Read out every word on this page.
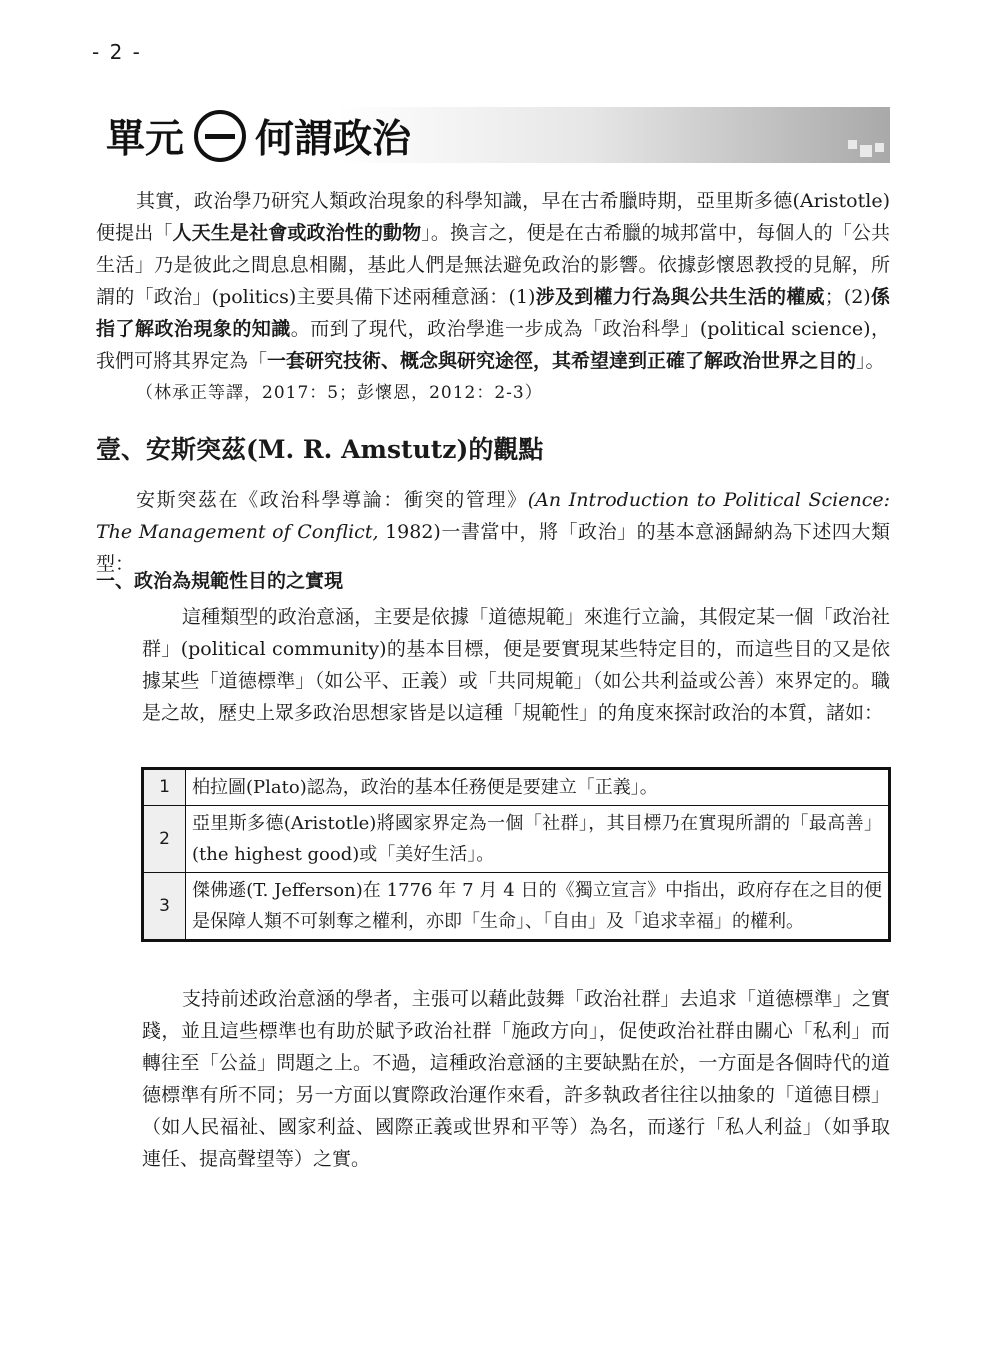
- 2 -
單元 何謂政治

其實，政治學乃研究人類政治現象的科學知識，早在古希臘時期，亞里斯多德(Aristotle)便提出「人天生是社會或政治性的動物」。換言之，便是在古希臘的城邦當中，每個人的「公共生活」乃是彼此之間息息相關，基此人們是無法避免政治的影響。依據彭懷恩教授的見解，所謂的「政治」(politics)主要具備下述兩種意涵：(1)涉及到權力行為與公共生活的權威；(2)係指了解政治現象的知識。而到了現代，政治學進一步成為「政治科學」(political science)，我們可將其界定為「一套研究技術、概念與研究途徑，其希望達到正確了解政治世界之目的」。
（林承正等譯，2017：5；彭懷恩，2012：2-3）

壹、安斯突茲(M. R. Amstutz)的觀點

安斯突茲在《政治科學導論：衝突的管理》(An Introduction to Political Science: The Management of Conflict, 1982)一書當中，將「政治」的基本意涵歸納為下述四大類型：

一、政治為規範性目的之實現

這種類型的政治意涵，主要是依據「道德規範」來進行立論，其假定某一個「政治社群」(political community)的基本目標，便是要實現某些特定目的，而這些目的又是依據某些「道德標準」（如公平、正義）或「共同規範」（如公共利益或公善）來界定的。職是之故，歷史上眾多政治思想家皆是以這種「規範性」的角度來探討政治的本質，諸如：

1	柏拉圖(Plato)認為，政治的基本任務便是要建立「正義」。
2	亞里斯多德(Aristotle)將國家界定為一個「社群」，其目標乃在實現所謂的「最高善」(the highest good)或「美好生活」。
3	傑佛遜(T. Jefferson)在 1776 年 7 月 4 日的《獨立宣言》中指出，政府存在之目的便是保障人類不可剝奪之權利，亦即「生命」、「自由」及「追求幸福」的權利。

支持前述政治意涵的學者，主張可以藉此鼓舞「政治社群」去追求「道德標準」之實踐，並且這些標準也有助於賦予政治社群「施政方向」，促使政治社群由關心「私利」而轉往至「公益」問題之上。不過，這種政治意涵的主要缺點在於，一方面是各個時代的道德標準有所不同；另一方面以實際政治運作來看，許多執政者往往以抽象的「道德目標」（如人民福祉、國家利益、國際正義或世界和平等）為名，而遂行「私人利益」（如爭取連任、提高聲望等）之實。
